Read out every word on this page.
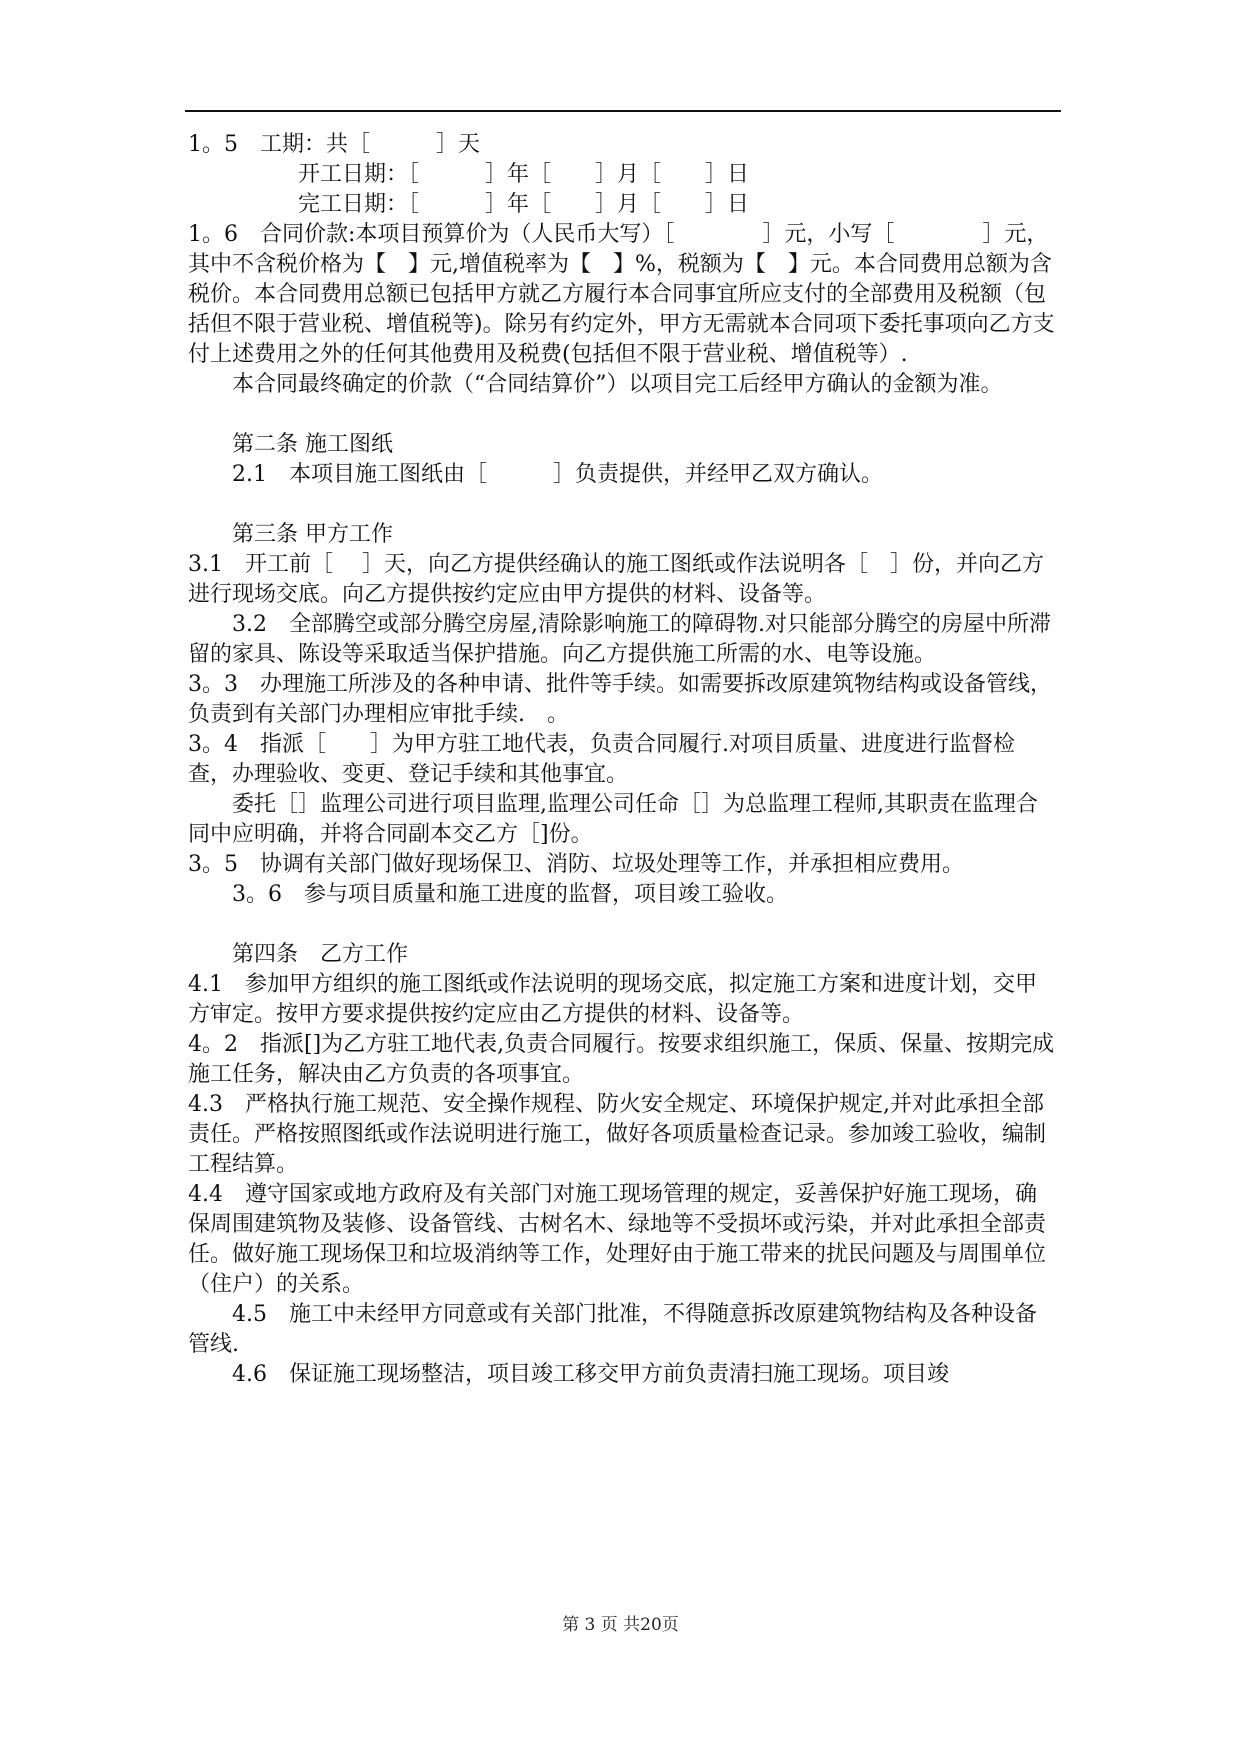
1。5　工期：共［　　　］天

　　　　　开工日期：［　　　］年［　　］月［　　］日

　　　　　完工日期：［　　　］年［　　］月［　　］日

1。6　合同价款:本项目预算价为（人民币大写）［　　　　］元，小写［　　　　］元，其中不含税价格为【　】元,增值税率为【　】%，税额为【　】元。本合同费用总额为含税价。本合同费用总额已包括甲方就乙方履行本合同事宜所应支付的全部费用及税额（包括但不限于营业税、增值税等)。除另有约定外，甲方无需就本合同项下委托事项向乙方支付上述费用之外的任何其他费用及税费(包括但不限于营业税、增值税等）.

本合同最终确定的价款（“合同结算价”）以项目完工后经甲方确认的金额为准。

第二条 施工图纸

2.1　本项目施工图纸由［　　　］负责提供，并经甲乙双方确认。

第三条 甲方工作

3.1　开工前［　 ］天，向乙方提供经确认的施工图纸或作法说明各［　］份，并向乙方进行现场交底。向乙方提供按约定应由甲方提供的材料、设备等。

3.2　全部腾空或部分腾空房屋,清除影响施工的障碍物.对只能部分腾空的房屋中所滞留的家具、陈设等采取适当保护措施。向乙方提供施工所需的水、电等设施。

3。3　办理施工所涉及的各种申请、批件等手续。如需要拆改原建筑物结构或设备管线，负责到有关部门办理相应审批手续.　。

3。4　指派［　　］为甲方驻工地代表，负责合同履行.对项目质量、进度进行监督检查，办理验收、变更、登记手续和其他事宜。

委托［］监理公司进行项目监理,监理公司任命［］为总监理工程师,其职责在监理合同中应明确，并将合同副本交乙方［]份。

3。5　协调有关部门做好现场保卫、消防、垃圾处理等工作，并承担相应费用。

3。6　参与项目质量和施工进度的监督，项目竣工验收。

第四条　乙方工作

4.1　参加甲方组织的施工图纸或作法说明的现场交底，拟定施工方案和进度计划，交甲方审定。按甲方要求提供按约定应由乙方提供的材料、设备等。

4。2　指派[]为乙方驻工地代表,负责合同履行。按要求组织施工，保质、保量、按期完成施工任务，解决由乙方负责的各项事宜。

4.3　严格执行施工规范、安全操作规程、防火安全规定、环境保护规定,并对此承担全部责任。严格按照图纸或作法说明进行施工，做好各项质量检查记录。参加竣工验收，编制工程结算。

4.4　遵守国家或地方政府及有关部门对施工现场管理的规定，妥善保护好施工现场，确保周围建筑物及装修、设备管线、古树名木、绿地等不受损坏或污染，并对此承担全部责任。做好施工现场保卫和垃圾消纳等工作，处理好由于施工带来的扰民问题及与周围单位（住户）的关系。

4.5　施工中未经甲方同意或有关部门批准，不得随意拆改原建筑物结构及各种设备管线.

4.6　保证施工现场整洁，项目竣工移交甲方前负责清扫施工现场。项目竣

第 3 页 共20页
